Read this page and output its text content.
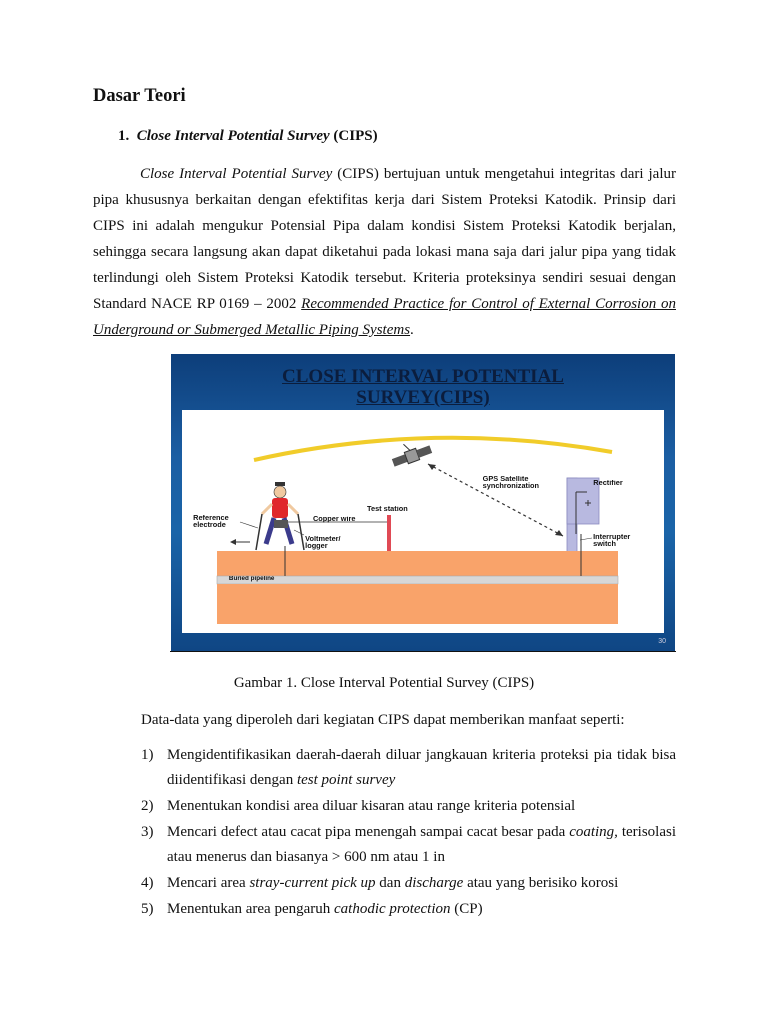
Dasar Teori
1. Close Interval Potential Survey (CIPS)

Close Interval Potential Survey (CIPS) bertujuan untuk mengetahui integritas dari jalur pipa khususnya berkaitan dengan efektifitas kerja dari Sistem Proteksi Katodik. Prinsip dari CIPS ini adalah mengukur Potensial Pipa dalam kondisi Sistem Proteksi Katodik berjalan, sehingga secara langsung akan dapat diketahui pada lokasi mana saja dari jalur pipa yang tidak terlindungi oleh Sistem Proteksi Katodik tersebut. Kriteria proteksinya sendiri sesuai dengan Standard NACE RP 0169 – 2002 Recommended Practice for Control of External Corrosion on Underground or Submerged Metallic Piping Systems.

CLOSE INTERVAL POTENTIAL
SURVEY(CIPS)
GPS Satellite
synchronization	Rectifier
Test station
Reference
electrode
Copper wire
Voltmeter/
logger
Interrupter
switch
Buried pipeline
30
Gambar 1. Close Interval Potential Survey (CIPS)
Data-data yang diperoleh dari kegiatan CIPS dapat memberikan manfaat seperti:
1) Mengidentifikasikan daerah-daerah diluar jangkauan kriteria proteksi pia tidak bisa diidentifikasi dengan test point survey
2) Menentukan kondisi area diluar kisaran atau range kriteria potensial
3) Mencari defect atau cacat pipa menengah sampai cacat besar pada coating, terisolasi atau menerus dan biasanya > 600 nm atau 1 in
4) Mencari area stray-current pick up dan discharge atau yang berisiko korosi
5) Menentukan area pengaruh cathodic protection (CP)
